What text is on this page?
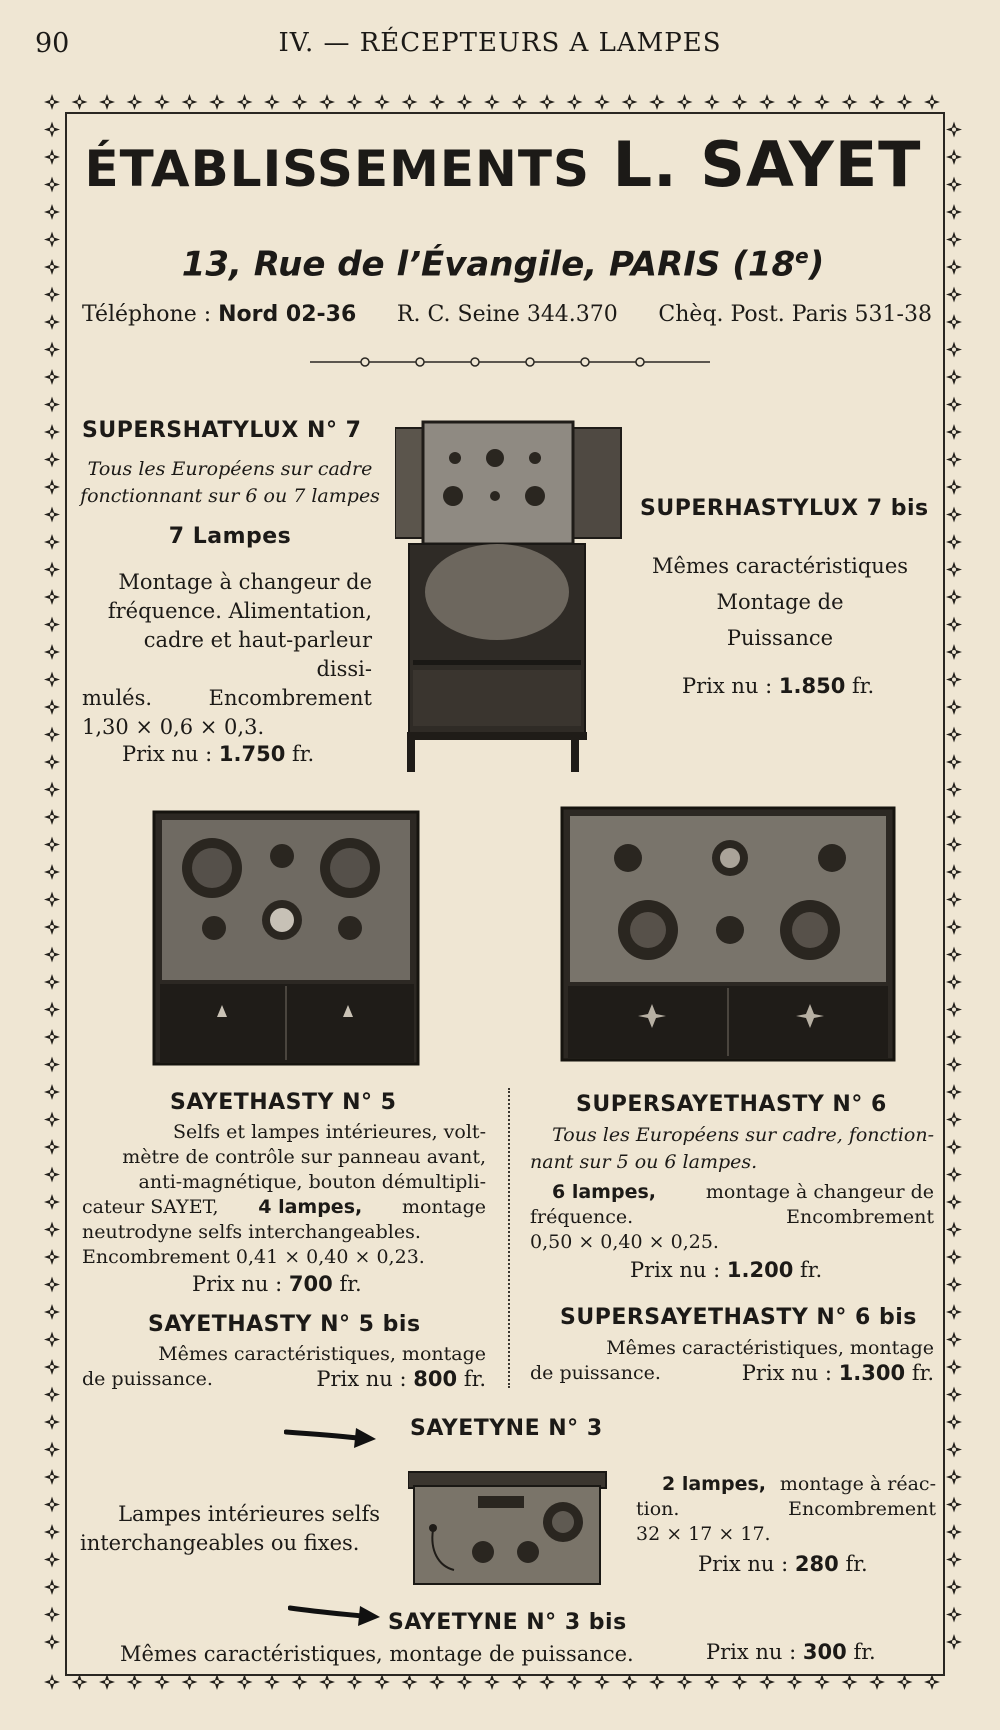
90	IV. — RÉCEPTEURS A LAMPES
ÉTABLISSEMENTS L. SAYET
13, Rue de l’Évangile, PARIS (18e)
Téléphone : Nord 02-36 R. C. Seine 344.370 Chèq. Post. Paris 531-38
SUPERSHATYLUX N° 7
Tous les Européens sur cadre
fonctionnant sur 6 ou 7 lampes
7 Lampes
Montage à changeur de
fréquence. Alimentation,
cadre et haut-parleur dissi-
mulés.	Encombrement
1,30 × 0,6 × 0,3.
Prix nu : 1.750 fr.
SUPERHASTYLUX 7 bis
Mêmes caractéristiques
Montage de
Puissance
Prix nu : 1.850 fr.
SAYETHASTY N° 5
Selfs et lampes intérieures, volt-
mètre de contrôle sur panneau avant,
anti-magnétique, bouton démultipli-
cateur SAYET, 4 lampes, montage
neutrodyne selfs interchangeables.
Encombrement 0,41 × 0,40 × 0,23.
Prix nu : 700 fr.
SAYETHASTY N° 5 bis
Mêmes caractéristiques, montage
de puissance.	Prix nu : 800 fr.
SUPERSAYETHASTY N° 6
Tous les Européens sur cadre, fonction-
nant sur 5 ou 6 lampes.
6 lampes,	montage à changeur de
fréquence.	Encombrement
0,50 × 0,40 × 0,25.
Prix nu : 1.200 fr.
SUPERSAYETHASTY N° 6 bis
Mêmes caractéristiques, montage
de puissance.	Prix nu : 1.300 fr.
SAYETYNE N° 3
Lampes intérieures selfs
interchangeables ou fixes.
2 lampes, montage à réac-
tion.	Encombrement
32 × 17 × 17.
Prix nu : 280 fr.
SAYETYNE N° 3 bis
Mêmes caractéristiques, montage de puissance.	Prix nu : 300 fr.
